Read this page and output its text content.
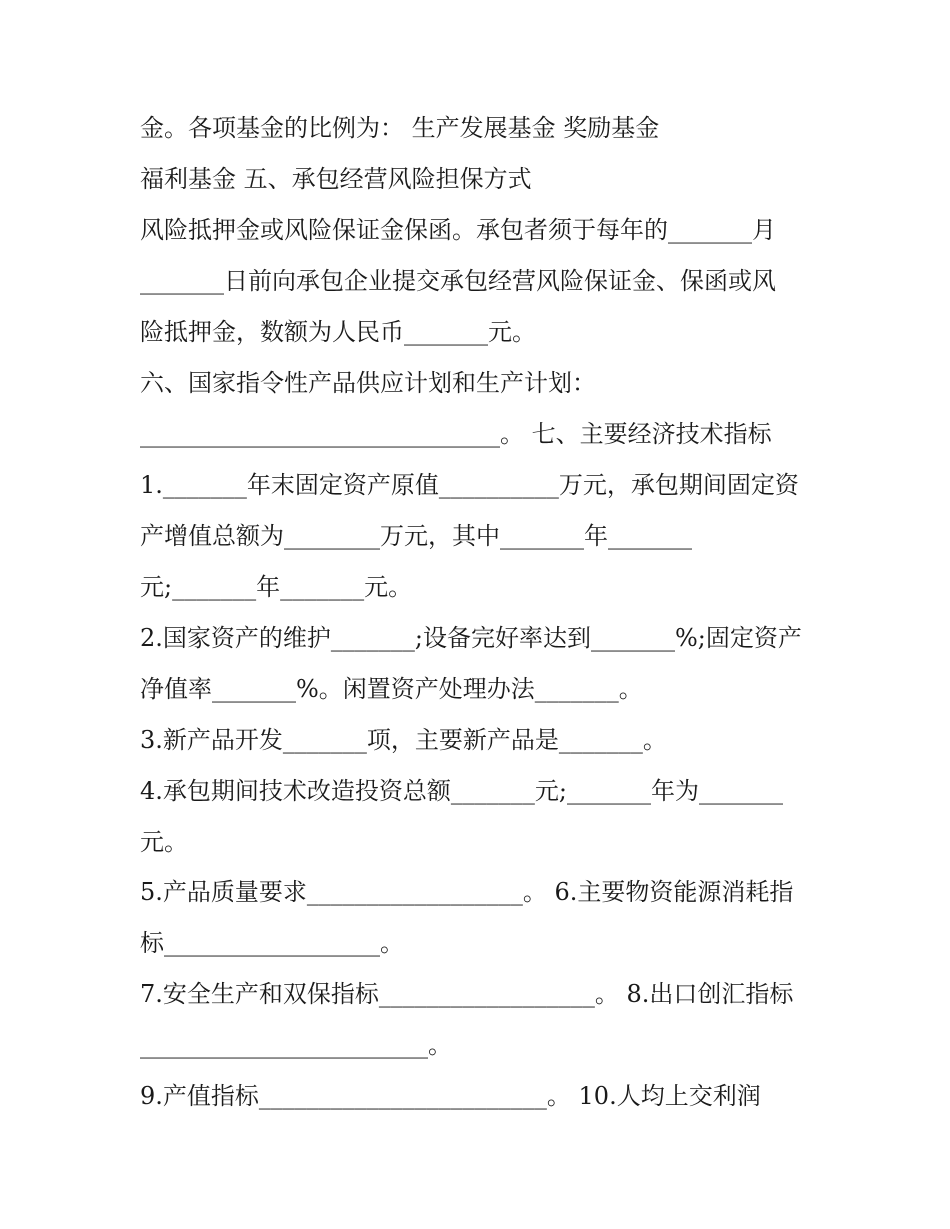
金。各项基金的比例为： 生产发展基金 奖励基金
福利基金 五、承包经营风险担保方式
风险抵押金或风险保证金保函。承包者须于每年的_______月
_______日前向承包企业提交承包经营风险保证金、保函或风
险抵押金，数额为人民币_______元。
六、国家指令性产品供应计划和生产计划：
______________________________。 七、主要经济技术指标
1._______年末固定资产原值__________万元，承包期间固定资
产增值总额为________万元，其中_______年_______
元;_______年_______元。
2.国家资产的维护_______;设备完好率达到_______%;固定资产
净值率_______%。闲置资产处理办法_______。
3.新产品开发_______项，主要新产品是_______。
4.承包期间技术改造投资总额_______元;_______年为_______
元。
5.产品质量要求__________________。 6.主要物资能源消耗指
标__________________。
7.安全生产和双保指标__________________。 8.出口创汇指标
________________________。
9.产值指标________________________。 10.人均上交利润
